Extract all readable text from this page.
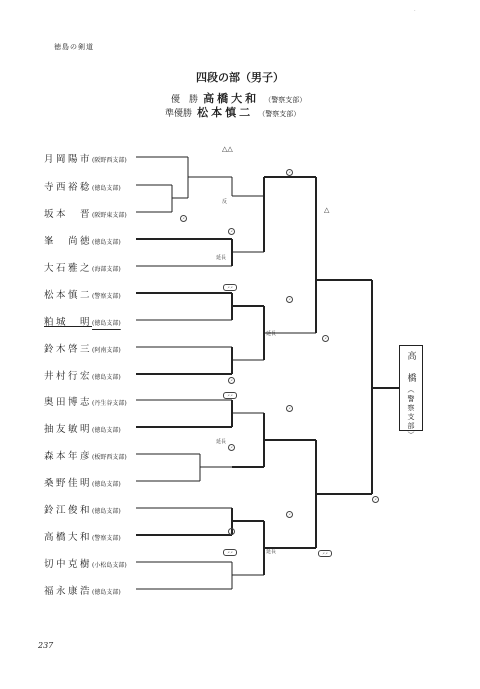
徳島の剣道
-
四段の部（男子）
優　勝 高橋大和 （警察支部）
準優勝 松本慎二 （警察支部）
月岡陽市(阪野西支部)
寺西裕稔(徳島支部)
坂本　晋(阪野東支部)
峯　尚徳(徳島支部)
大石雅之(海部支部)
松本慎二(警察支部)
粕城　明(徳島支部)
鈴木啓三(阿南支部)
井村行宏(徳島支部)
奥田博志(丹生谷支部)
抽友敏明(徳島支部)
森本年彦(板野西支部)
桑野佳明(徳島支部)
鈴江俊和(徳島支部)
高橋大和(警察支部)
切中克樹(小松島支部)
福永康浩(徳島支部)
△△
△
反
延長
延長
延長
延長
メ
メ
メ
メ
メ
メ
メ
メ
メ
メ
メ
メメ
メメ
メメ	メメ
高　橋
（警察支部）
237
